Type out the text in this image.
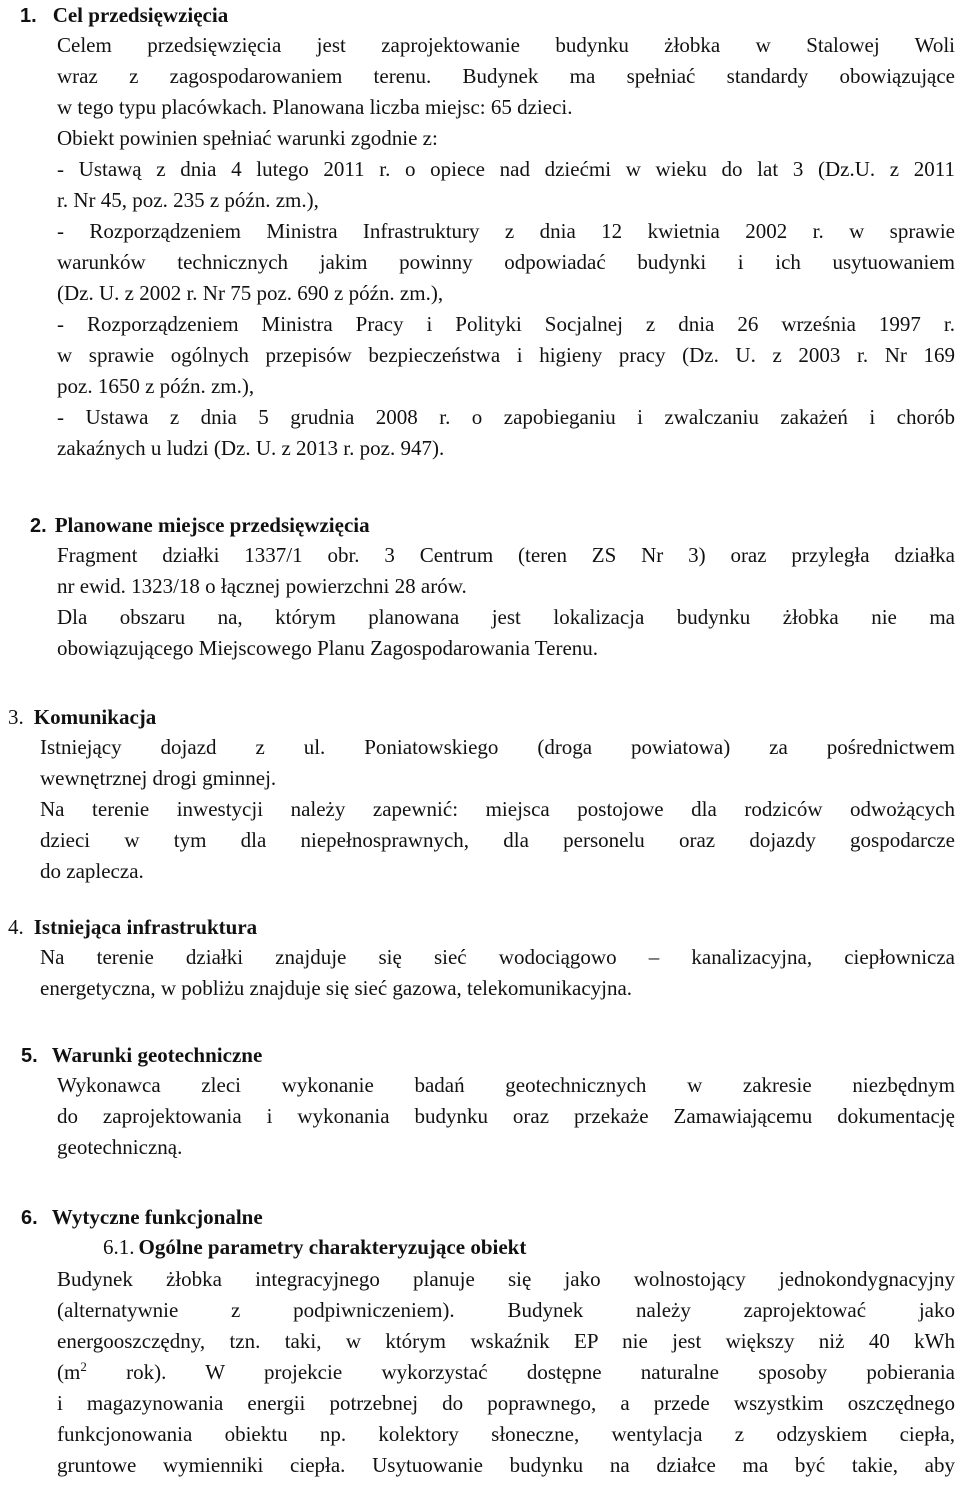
1. Cel przedsięwzięcia
Celem przedsięwzięcia jest zaprojektowanie budynku żłobka w Stalowej Woli
wraz z zagospodarowaniem terenu. Budynek ma spełniać standardy obowiązujące

w tego typu placówkach. Planowana liczba miejsc: 65 dzieci.

Obiekt powinien spełniać warunki zgodnie z:

- Ustawą z dnia 4 lutego 2011 r. o opiece nad dziećmi w wieku do lat 3 (Dz.U. z 2011

r. Nr 45, poz. 235 z późn. zm.),

- Rozporządzeniem Ministra Infrastruktury z dnia 12 kwietnia 2002 r. w sprawie
warunków technicznych jakim powinny odpowiadać budynki i ich usytuowaniem

(Dz. U. z 2002 r. Nr 75 poz. 690 z późn. zm.),

- Rozporządzeniem Ministra Pracy i Polityki Socjalnej z dnia 26 września 1997 r.
w sprawie ogólnych przepisów bezpieczeństwa i higieny pracy (Dz. U. z 2003 r. Nr 169

poz. 1650 z późn. zm.),

- Ustawa z dnia 5 grudnia 2008 r. o zapobieganiu i zwalczaniu zakażeń i chorób

zakaźnych u ludzi (Dz. U. z 2013 r. poz. 947).

2. Planowane miejsce przedsięwzięcia
Fragment działki 1337/1 obr. 3 Centrum (teren ZS Nr 3) oraz przyległa działka

nr ewid. 1323/18 o łącznej powierzchni 28 arów.

Dla obszaru na, którym planowana jest lokalizacja budynku żłobka nie ma

obowiązującego Miejscowego Planu Zagospodarowania Terenu.

3. Komunikacja
Istniejący dojazd z ul. Poniatowskiego (droga powiatowa) za pośrednictwem

wewnętrznej drogi gminnej.

Na terenie inwestycji należy zapewnić: miejsca postojowe dla rodziców odwożących
dzieci w tym dla niepełnosprawnych, dla personelu oraz dojazdy gospodarcze

do zaplecza.

4. Istniejąca infrastruktura
Na terenie działki znajduje się sieć wodociągowo – kanalizacyjna, ciepłownicza

energetyczna, w pobliżu znajduje się sieć gazowa, telekomunikacyjna.

5. Warunki geotechniczne
Wykonawca zleci wykonanie badań geotechnicznych w zakresie niezbędnym
do zaprojektowania i wykonania budynku oraz przekaże Zamawiającemu dokumentację

geotechniczną.

6. Wytyczne funkcjonalne
6.1. Ogólne parametry charakteryzujące obiekt
Budynek żłobka integracyjnego planuje się jako wolnostojący jednokondygnacyjny
(alternatywnie z podpiwniczeniem). Budynek należy zaprojektować jako
energooszczędny, tzn. taki, w którym wskaźnik EP nie jest większy niż 40 kWh
($m^2$ rok). W projekcie wykorzystać dostępne naturalne sposoby pobierania
i magazynowania energii potrzebnej do poprawnego, a przede wszystkim oszczędnego
funkcjonowania obiektu np. kolektory słoneczne, wentylacja z odzyskiem ciepła,
gruntowe wymienniki ciepła. Usytuowanie budynku na działce ma być takie, aby
